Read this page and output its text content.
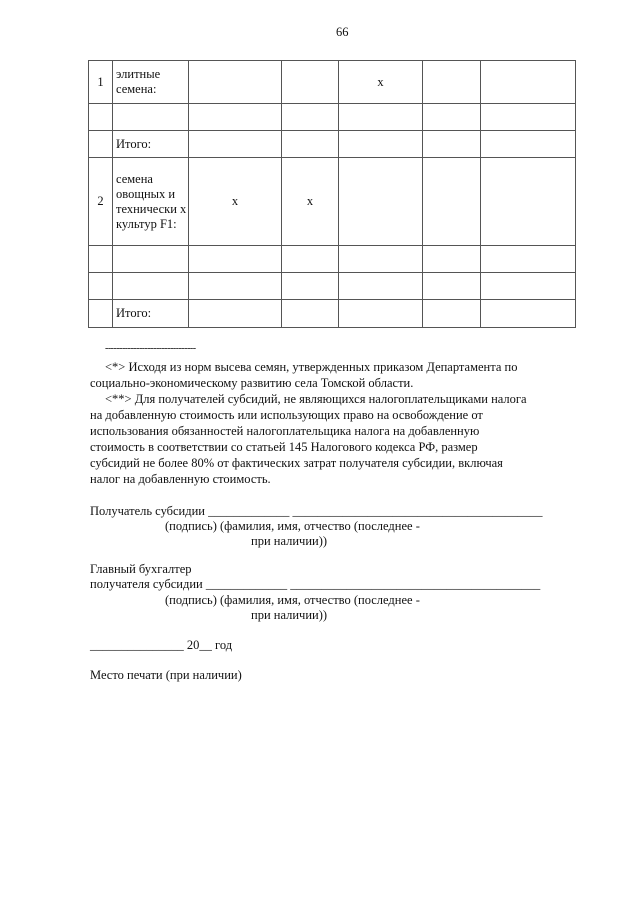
66
1	элитные семена:			x		

	Итого:					
2	семена овощных и технически х культур F1:	x	x			

	Итого:					
--------------------------------
<*> Исходя из норм высева семян, утвержденных приказом Департамента по
социально-экономическому развитию села Томской области.
<**> Для получателей субсидий, не являющихся налогоплательщиками налога
на добавленную стоимость или использующих право на освобождение от
использования обязанностей налогоплательщика налога на добавленную
стоимость в соответствии со статьей 145 Налогового кодекса РФ, размер
субсидий не более 80% от фактических затрат получателя субсидии, включая
налог на добавленную стоимость.
Получатель субсидии _____________ ________________________________________
(подпись) (фамилия, имя, отчество (последнее -
при наличии))
Главный бухгалтер
получателя субсидии _____________ ________________________________________
(подпись) (фамилия, имя, отчество (последнее -
при наличии))
_______________ 20__ год
Место печати (при наличии)
